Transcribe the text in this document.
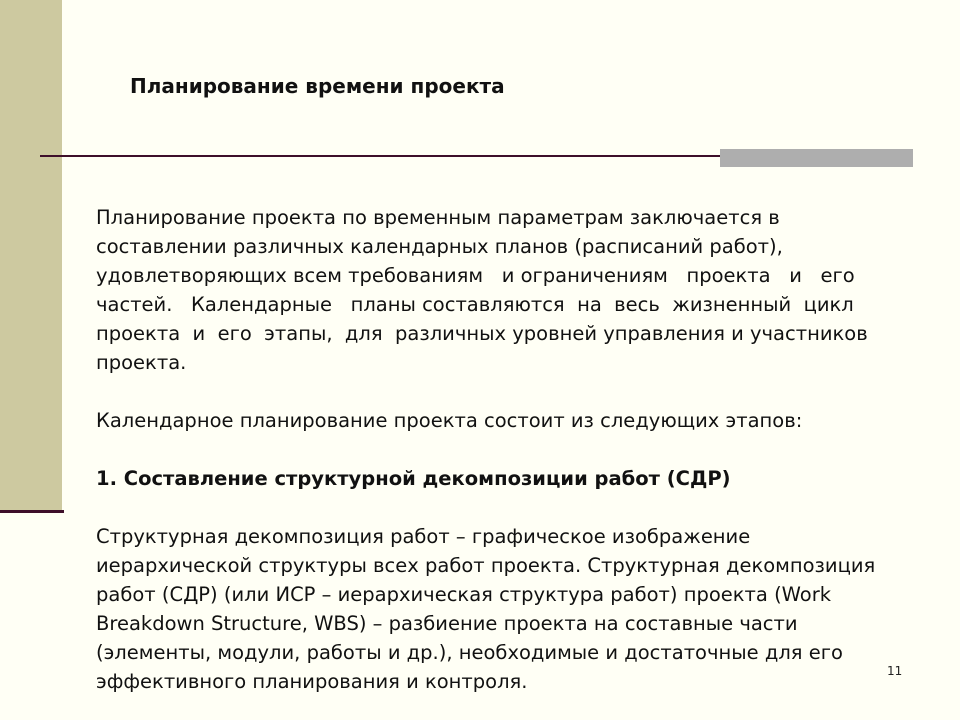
Планирование времени проекта
Планирование проекта по временным параметрам заключается в
составлении различных календарных планов (расписаний работ),
удовлетворяющих всем требованиям   и ограничениям   проекта   и   его
частей.   Календарные   планы составляются  на  весь  жизненный  цикл
проекта  и  его  этапы,  для  различных уровней управления и участников
проекта.
Календарное планирование проекта состоит из следующих этапов:
1. Составление структурной декомпозиции работ (СДР)
Структурная декомпозиция работ – графическое изображение
иерархической структуры всех работ проекта. Структурная декомпозиция
работ (СДР) (или ИСР – иерархическая структура работ) проекта (Work
Breakdown Structure, WBS) – разбиение проекта на составные части
(элементы, модули, работы и др.), необходимые и достаточные для его
эффективного планирования и контроля.	11
